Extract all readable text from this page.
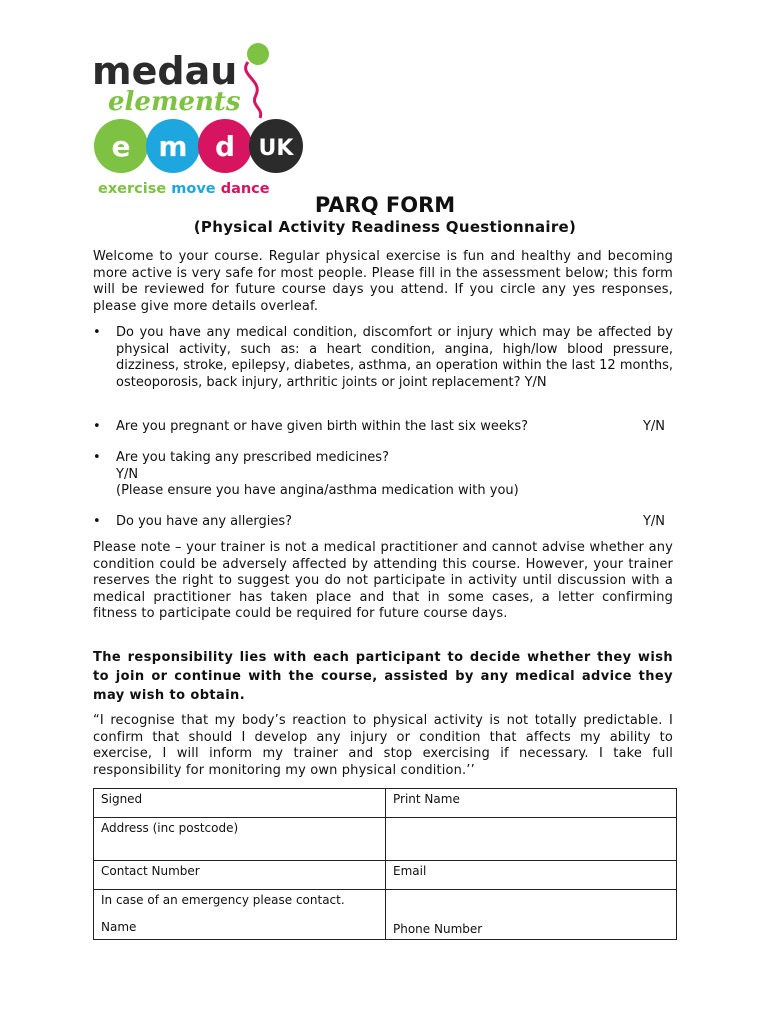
medau
elements
e m d UK
exercise move dance
PARQ FORM
(Physical Activity Readiness Questionnaire)
Welcome to your course. Regular physical exercise is fun and healthy and becoming more active is very safe for most people. Please fill in the assessment below; this form will be reviewed for future course days you attend. If you circle any yes responses, please give more details overleaf.
• Do you have any medical condition, discomfort or injury which may be affected by physical activity, such as: a heart condition, angina, high/low blood pressure, dizziness, stroke, epilepsy, diabetes, asthma, an operation within the last 12 months, osteoporosis, back injury, arthritic joints or joint replacement? Y/N
• Are you pregnant or have given birth within the last six weeks?	Y/N
• Are you taking any prescribed medicines?
Y/N
(Please ensure you have angina/asthma medication with you)
• Do you have any allergies?	Y/N
Please note – your trainer is not a medical practitioner and cannot advise whether any condition could be adversely affected by attending this course. However, your trainer reserves the right to suggest you do not participate in activity until discussion with a medical practitioner has taken place and that in some cases, a letter confirming fitness to participate could be required for future course days.
The responsibility lies with each participant to decide whether they wish to join or continue with the course, assisted by any medical advice they may wish to obtain.
“I recognise that my body’s reaction to physical activity is not totally predictable. I confirm that should I develop any injury or condition that affects my ability to exercise, I will inform my trainer and stop exercising if necessary. I take full responsibility for monitoring my own physical condition.’’
Signed	Print Name
Address (inc postcode)	
Contact Number	Email
In case of an emergency please contact.
Name	Phone Number
